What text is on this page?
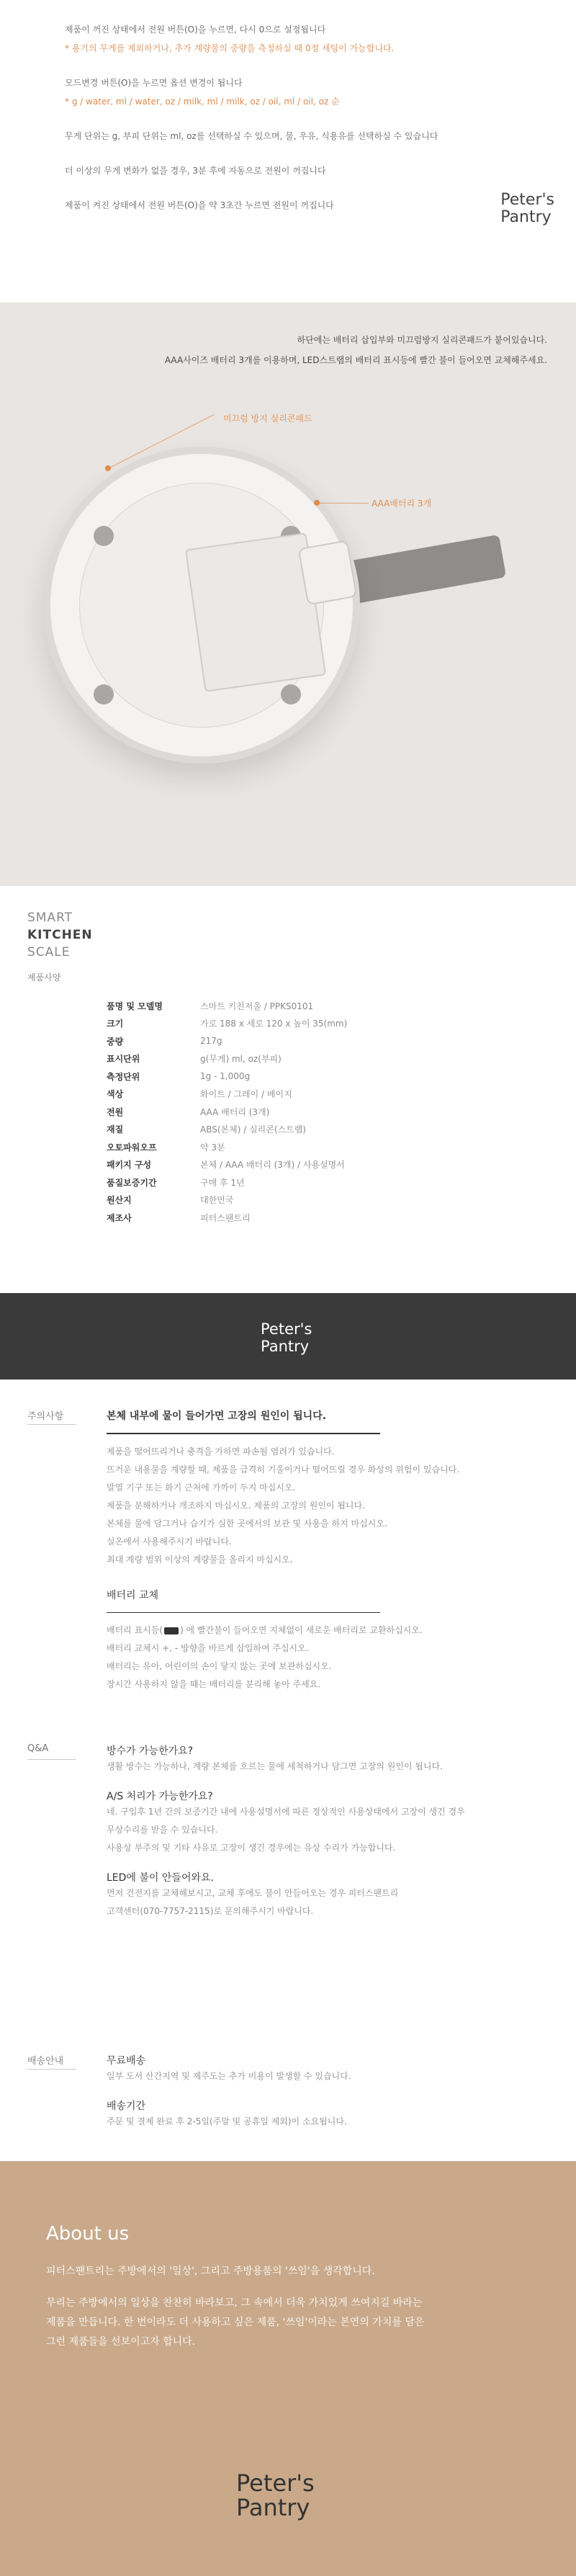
제품이 꺼진 상태에서 전원 버튼(O)을 누르면, 다시 0으로 설정됩니다

* 용기의 무게를 제외하거나, 추가 계량물의 중량을 측정하실 때 0점 세팅이 가능합니다.

모드변경 버튼(O)을 누르면 옵션 변경이 됩니다

* g / water, ml / water, oz / milk, ml / milk, oz / oil, ml / oil, oz 순

무게 단위는 g, 부피 단위는 ml, oz를 선택하실 수 있으며, 물, 우유, 식용유를 선택하실 수 있습니다

더 이상의 무게 변화가 없을 경우, 3분 후에 자동으로 전원이 꺼집니다

제품이 켜진 상태에서 전원 버튼(O)을 약 3초간 누르면 전원이 꺼집니다	Peter's
Pantry
하단에는 배터리 삽입부와 미끄럼방지 실리콘패드가 붙어있습니다.
AAA사이즈 배터리 3개를 이용하며, LED스트랩의 배터리 표시등에 빨간 불이 들어오면 교체해주세요.
미끄럼 방지 실리콘패드
AAA배터리 3개
SMART
KITCHEN
SCALE
제품사양
품명 및 모델명	스마트 키친저울 / PPKS0101
크기	가로 188 x 세로 120 x 높이 35(mm)
중량	217g
표시단위	g(무게) ml, oz(부피)
측정단위	1g - 1,000g
색상	화이트 / 그레이 / 베이지
전원	AAA 배터리 (3개)
재질	ABS(본체) / 실리콘(스트랩)
오토파워오프	약 3분
패키지 구성	본체 / AAA 배터리 (3개) / 사용설명서
품질보증기간	구매 후 1년
원산지	대한민국
제조사	피터스팬트리
Peter's
Pantry
주의사항	본체 내부에 물이 들어가면 고장의 원인이 됩니다.
제품을 떨어뜨리거나 충격을 가하면 파손될 염려가 있습니다.
뜨거운 내용물을 계량할 때, 제품을 급격히 기울이거나 떨어뜨릴 경우 화상의 위험이 있습니다.
발열 기구 또는 화기 근처에 가까이 두지 마십시오.
제품을 분해하거나 개조하지 마십시오. 제품의 고장의 원인이 됩니다.
본체를 물에 담그거나 습기가 심한 곳에서의 보관 및 사용을 하지 마십시오.
실온에서 사용해주시기 바랍니다.
최대 계량 범위 이상의 계량물을 올리지 마십시오.
배터리 교체
배터리 표시등( ) 에 빨간불이 들어오면 지체없이 새로운 배터리로 교환하십시오.
배터리 교체시 +, - 방향을 바르게 삽입하여 주십시오.
배터리는 유아, 어린이의 손이 닿지 않는 곳에 보관하십시오.
장시간 사용하지 않을 때는 배터리를 분리해 놓아 주세요.
Q&A	방수가 가능한가요?
생활 방수는 가능하나, 계량 본체를 흐르는 물에 세척하거나 담그면 고장의 원인이 됩니다.
A/S 처리가 가능한가요?
네. 구입후 1년 간의 보증기간 내에 사용설명서에 따른 정상적인 사용상태에서 고장이 생긴 경우
무상수리를 받을 수 있습니다.
사용상 부주의 및 기타 사유로 고장이 생긴 경우에는 유상 수리가 가능합니다.
LED에 불이 안들어와요.
먼저 건전지를 교체해보시고, 교체 후에도 불이 안들어오는 경우 피터스팬트리
고객센터(070-7757-2115)로 문의해주시기 바랍니다.
배송안내	무료배송
일부 도서 산간지역 및 제주도는 추가 비용이 발생할 수 있습니다.
배송기간
주문 및 결제 완료 후 2-5일(주말 및 공휴일 제외)이 소요됩니다.
About us
피터스팬트리는 주방에서의 '일상', 그리고 주방용품의 '쓰임'을 생각합니다.
무리는 주방에서의 일상을 찬찬히 바라보고, 그 속에서 더욱 가치있게 쓰여지길 바라는
제품을 만듭니다. 한 번이라도 더 사용하고 싶은 제품, '쓰임'이라는 본연의 가치를 담은
그런 제품들을 선보이고자 합니다.
Peter's
Pantry
